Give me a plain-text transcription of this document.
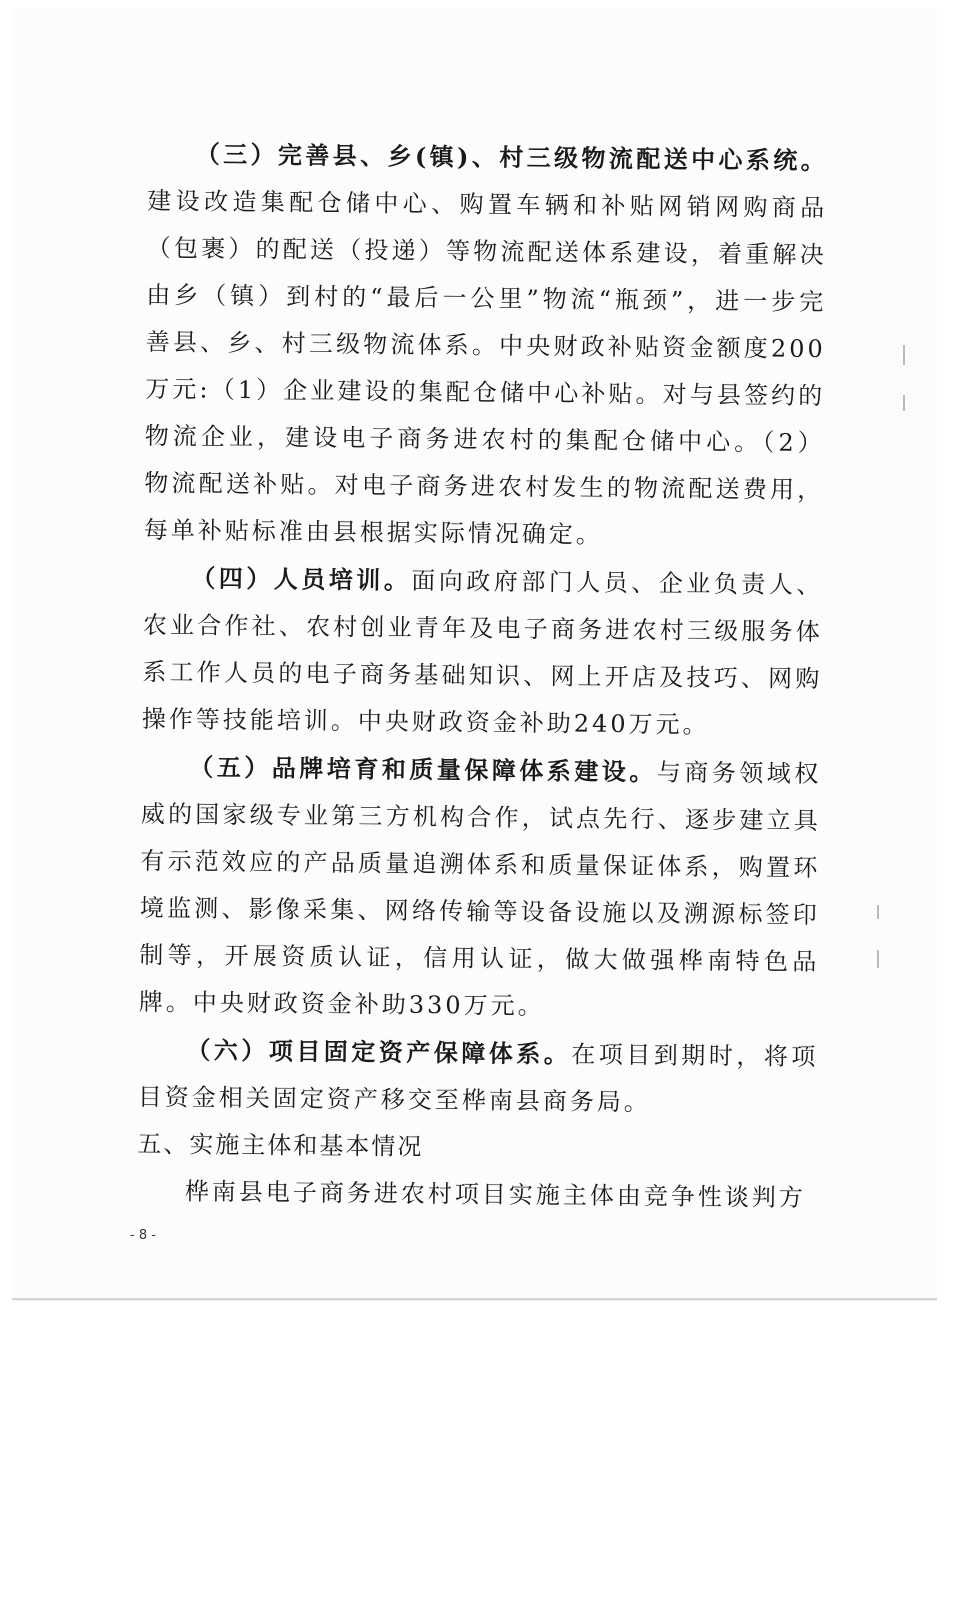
（三）完善县、乡(镇)、村三级物流配送中心系统。建设改造集配仓储中心、购置车辆和补贴网销网购商品（包裹）的配送（投递）等物流配送体系建设，着重解决由乡（镇）到村的“最后一公里”物流“瓶颈”，进一步完善县、乡、村三级物流体系。中央财政补贴资金额度200万元:（1）企业建设的集配仓储中心补贴。对与县签约的物流企业，建设电子商务进农村的集配仓储中心。（2）物流配送补贴。对电子商务进农村发生的物流配送费用，每单补贴标准由县根据实际情况确定。

（四）人员培训。面向政府部门人员、企业负责人、农业合作社、农村创业青年及电子商务进农村三级服务体系工作人员的电子商务基础知识、网上开店及技巧、网购操作等技能培训。中央财政资金补助240万元。

（五）品牌培育和质量保障体系建设。与商务领域权威的国家级专业第三方机构合作，试点先行、逐步建立具有示范效应的产品质量追溯体系和质量保证体系，购置环境监测、影像采集、网络传输等设备设施以及溯源标签印制等，开展资质认证，信用认证，做大做强桦南特色品牌。中央财政资金补助330万元。

（六）项目固定资产保障体系。在项目到期时，将项目资金相关固定资产移交至桦南县商务局。

五、实施主体和基本情况

桦南县电子商务进农村项目实施主体由竞争性谈判方

- 8 -
